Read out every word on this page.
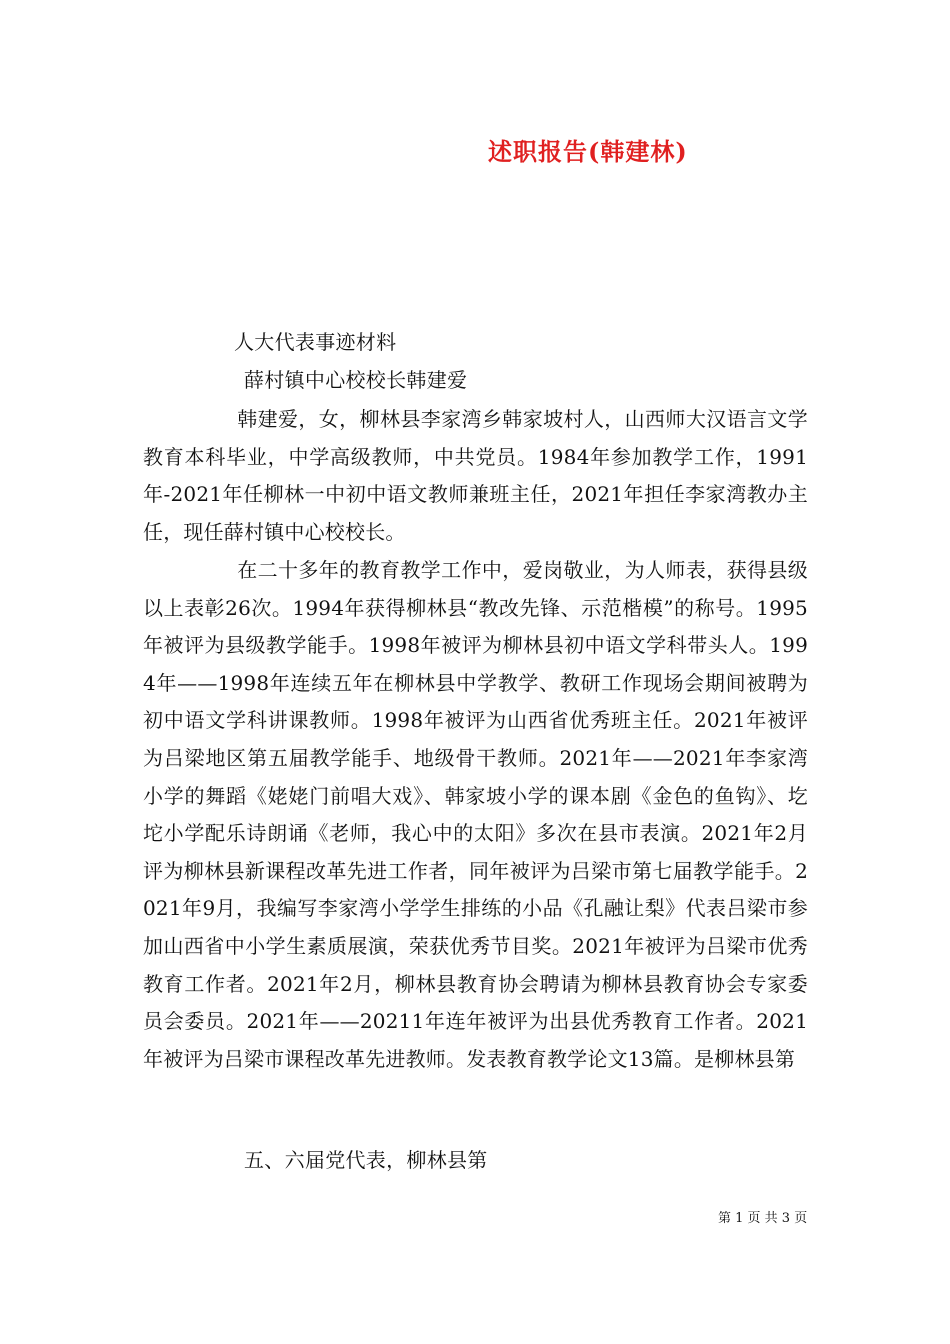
述职报告(韩建林)
人大代表事迹材料
薛村镇中心校校长韩建爱
韩建爱，女，柳林县李家湾乡韩家坡村人，山西师大汉语言文学教育本科毕业，中学高级教师，中共党员。1984年参加教学工作，1991年-2021年任柳林一中初中语文教师兼班主任，2021年担任李家湾教办主任，现任薛村镇中心校校长。
在二十多年的教育教学工作中，爱岗敬业，为人师表，获得县级以上表彰26次。1994年获得柳林县“教改先锋、示范楷模”的称号。1995年被评为县级教学能手。1998年被评为柳林县初中语文学科带头人。1994年——1998年连续五年在柳林县中学教学、教研工作现场会期间被聘为初中语文学科讲课教师。1998年被评为山西省优秀班主任。2021年被评为吕梁地区第五届教学能手、地级骨干教师。2021年——2021年李家湾小学的舞蹈《姥姥门前唱大戏》、韩家坡小学的课本剧《金色的鱼钩》、圪坨小学配乐诗朗诵《老师，我心中的太阳》多次在县市表演。2021年2月评为柳林县新课程改革先进工作者，同年被评为吕梁市第七届教学能手。2021年9月，我编写李家湾小学学生排练的小品《孔融让梨》代表吕梁市参加山西省中小学生素质展演，荣获优秀节目奖。2021年被评为吕梁市优秀教育工作者。2021年2月，柳林县教育协会聘请为柳林县教育协会专家委员会委员。2021年——20211年连年被评为出县优秀教育工作者。2021年被评为吕梁市课程改革先进教师。发表教育教学论文13篇。是柳林县第
五、六届党代表，柳林县第
第 1 页 共 3 页
